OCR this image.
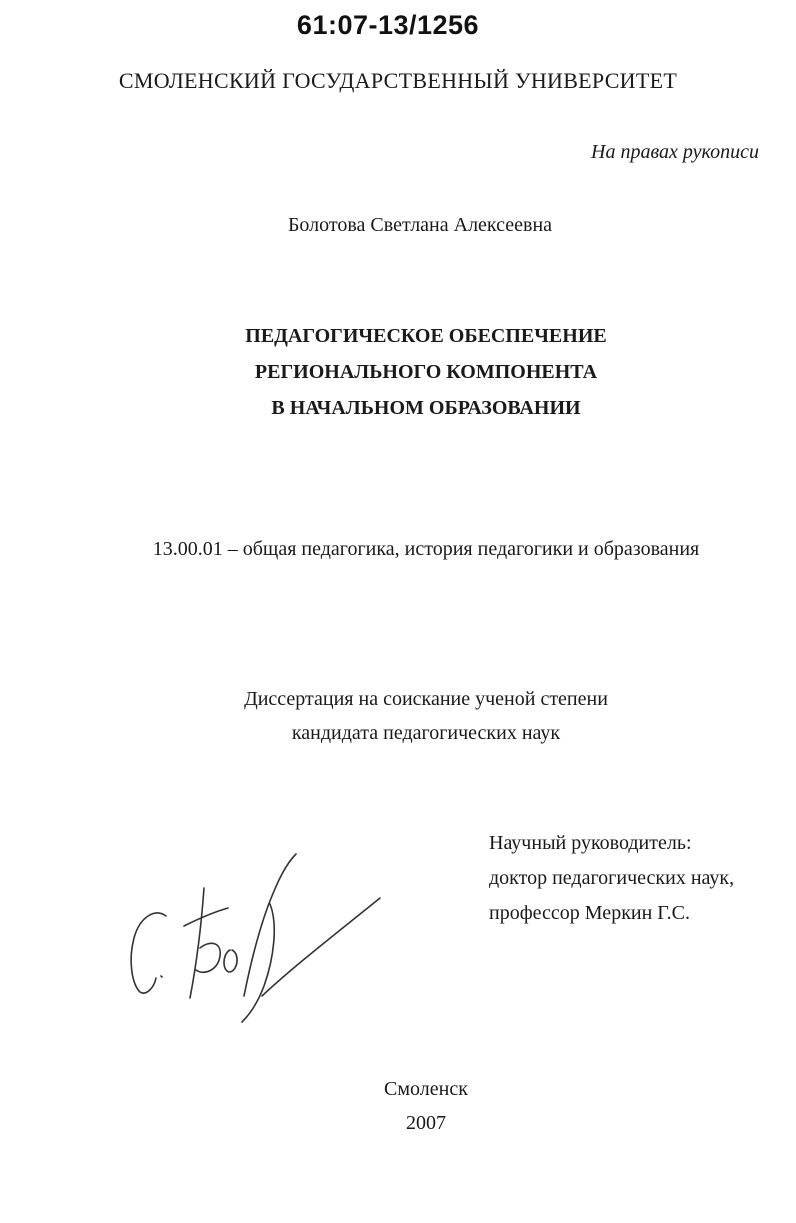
61:07-13/1256
СМОЛЕНСКИЙ ГОСУДАРСТВЕННЫЙ УНИВЕРСИТЕТ
На правах рукописи
Болотова Светлана Алексеевна
ПЕДАГОГИЧЕСКОЕ ОБЕСПЕЧЕНИЕ
РЕГИОНАЛЬНОГО КОМПОНЕНТА
В НАЧАЛЬНОМ ОБРАЗОВАНИИ
13.00.01 – общая педагогика, история педагогики и образования
Диссертация на соискание ученой степени
кандидата педагогических наук
Научный руководитель:
доктор педагогических наук,
профессор Меркин Г.С.
Смоленск
2007
